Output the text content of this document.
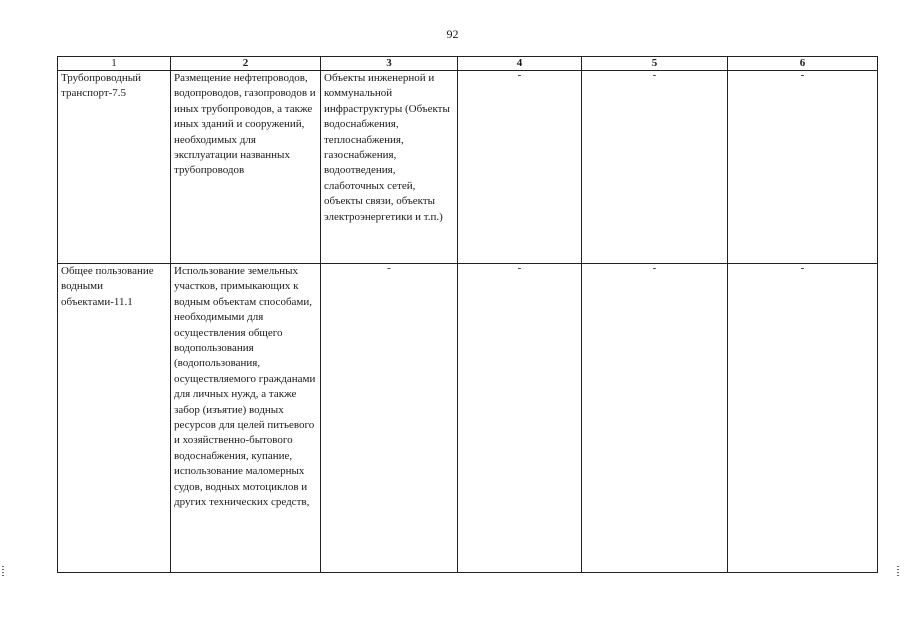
92
1	2	3	4	5	6
Трубопроводный транспорт-7.5	Размещение нефтепроводов, водопроводов, газопроводов и иных трубопроводов, а также иных зданий и сооружений, необходимых для эксплуатации названных трубопроводов	Объекты инженерной и коммунальной инфраструктуры (Объекты водоснабжения, теплоснабжения, газоснабжения, водоотведения, слаботочных сетей, объекты связи, объекты электроэнергетики и т.п.)	-	-	-

Общее пользование водными объектами-11.1	Использование земельных участков, примыкающих к водным объектам способами, необходимыми для осуществления общего водопользования (водопользования, осуществляемого гражданами для личных нужд, а также забор (изъятие) водных ресурсов для целей питьевого и хозяйственно-бытового водоснабжения, купание, использование маломерных судов, водных мотоциклов и других технических средств,	-	-	-	-
